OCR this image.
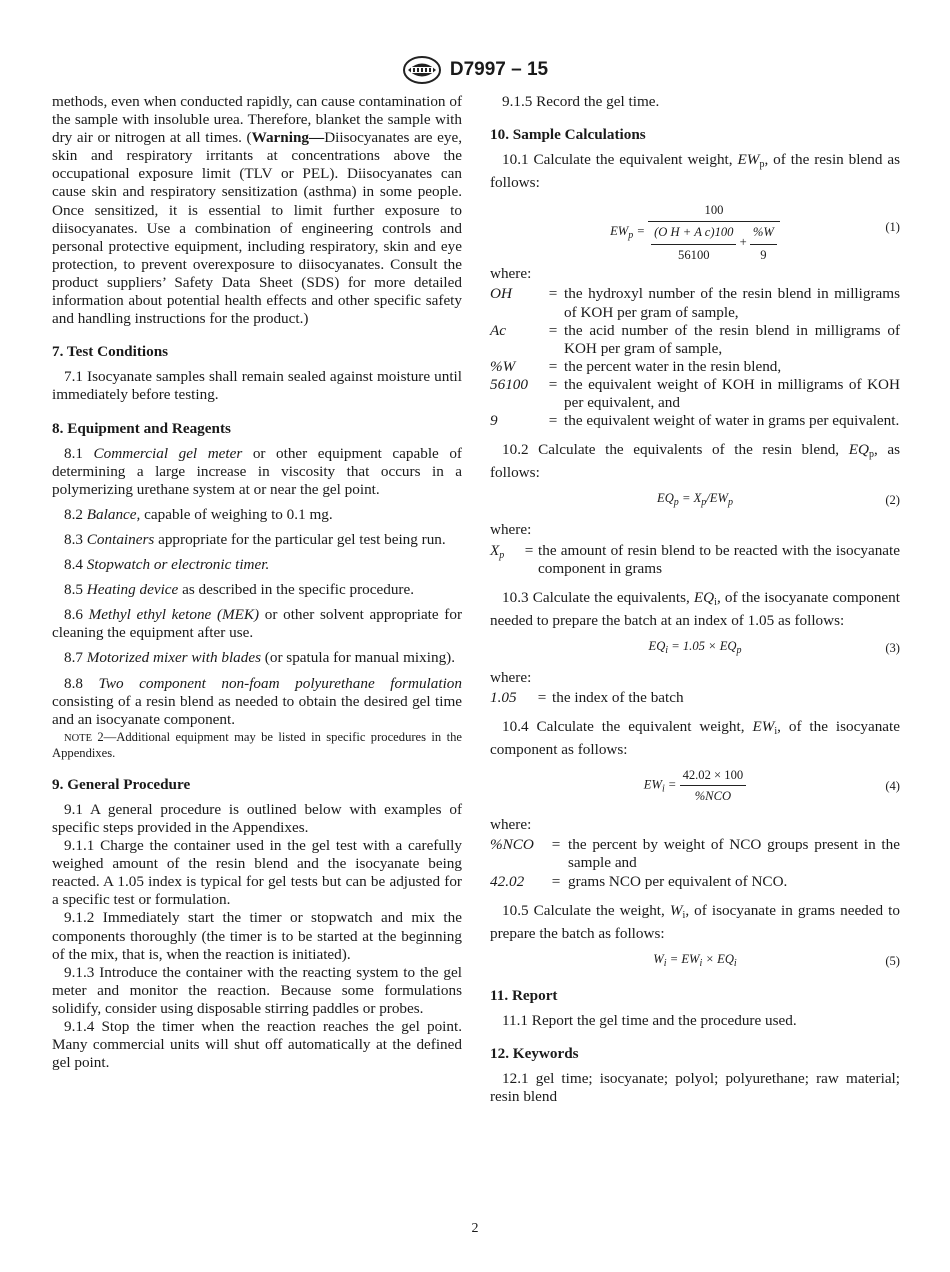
D7997 – 15

methods, even when conducted rapidly, can cause contamination of the sample with insoluble urea. Therefore, blanket the sample with dry air or nitrogen at all times. (Warning—Diisocyanates are eye, skin and respiratory irritants at concentrations above the occupational exposure limit (TLV or PEL). Diisocyanates can cause skin and respiratory sensitization (asthma) in some people. Once sensitized, it is essential to limit further exposure to diisocyanates. Use a combination of engineering controls and personal protective equipment, including respiratory, skin and eye protection, to prevent overexposure to diisocyanates. Consult the product suppliers’ Safety Data Sheet (SDS) for more detailed information about potential health effects and other specific safety and handling instructions for the product.)

7. Test Conditions

7.1 Isocyanate samples shall remain sealed against moisture until immediately before testing.

8. Equipment and Reagents

8.1 Commercial gel meter or other equipment capable of determining a large increase in viscosity that occurs in a polymerizing urethane system at or near the gel point.

8.2 Balance, capable of weighing to 0.1 mg.

8.3 Containers appropriate for the particular gel test being run.

8.4 Stopwatch or electronic timer.

8.5 Heating device as described in the specific procedure.

8.6 Methyl ethyl ketone (MEK) or other solvent appropriate for cleaning the equipment after use.

8.7 Motorized mixer with blades (or spatula for manual mixing).

8.8 Two component non-foam polyurethane formulation consisting of a resin blend as needed to obtain the desired gel time and an isocyanate component.

NOTE 2—Additional equipment may be listed in specific procedures in the Appendixes.

9. General Procedure

9.1 A general procedure is outlined below with examples of specific steps provided in the Appendixes.

9.1.1 Charge the container used in the gel test with a carefully weighed amount of the resin blend and the isocyanate being reacted. A 1.05 index is typical for gel tests but can be adjusted for a specific test or formulation.

9.1.2 Immediately start the timer or stopwatch and mix the components thoroughly (the timer is to be started at the beginning of the mix, that is, when the reaction is initiated).

9.1.3 Introduce the container with the reacting system to the gel meter and monitor the reaction. Because some formulations solidify, consider using disposable stirring paddles or probes.

9.1.4 Stop the timer when the reaction reaches the gel point. Many commercial units will shut off automatically at the defined gel point.

9.1.5 Record the gel time.

10. Sample Calculations

10.1 Calculate the equivalent weight, $EW_p$, of the resin blend as follows:

$EW_p = \frac{100}{\frac{\text{(O H + A c)100}}{56100} + \frac{\%W}{9}}$	(1)

where:

OH	=	the hydroxyl number of the resin blend in milligrams of KOH per gram of sample,
Ac	=	the acid number of the resin blend in milligrams of KOH per gram of sample,
%W	=	the percent water in the resin blend,
56100	=	the equivalent weight of KOH in milligrams of KOH per equivalent, and
9	=	the equivalent weight of water in grams per equivalent.

10.2 Calculate the equivalents of the resin blend, $EQ_p$, as follows:

$EQ_p = X_p/EW_p$	(2)

where:

$X_p$	=	the amount of resin blend to be reacted with the isocyanate component in grams

10.3 Calculate the equivalents, $EQ_i$, of the isocyanate component needed to prepare the batch at an index of 1.05 as follows:

$EQ_i = 1.05 \times EQ_p$	(3)

where:

1.05	=	the index of the batch

10.4 Calculate the equivalent weight, $EW_i$, of the isocyanate component as follows:

$EW_i = \frac{42.02 \times 100}{\text{\%NCO}}$	(4)

where:

%NCO	=	the percent by weight of NCO groups present in the sample and
42.02	=	grams NCO per equivalent of NCO.

10.5 Calculate the weight, $W_i$, of isocyanate in grams needed to prepare the batch as follows:

$W_i = EW_i \times EQ_i$	(5)
11. Report

11.1 Report the gel time and the procedure used.

12. Keywords

12.1 gel time; isocyanate; polyol; polyurethane; raw material; resin blend

2
